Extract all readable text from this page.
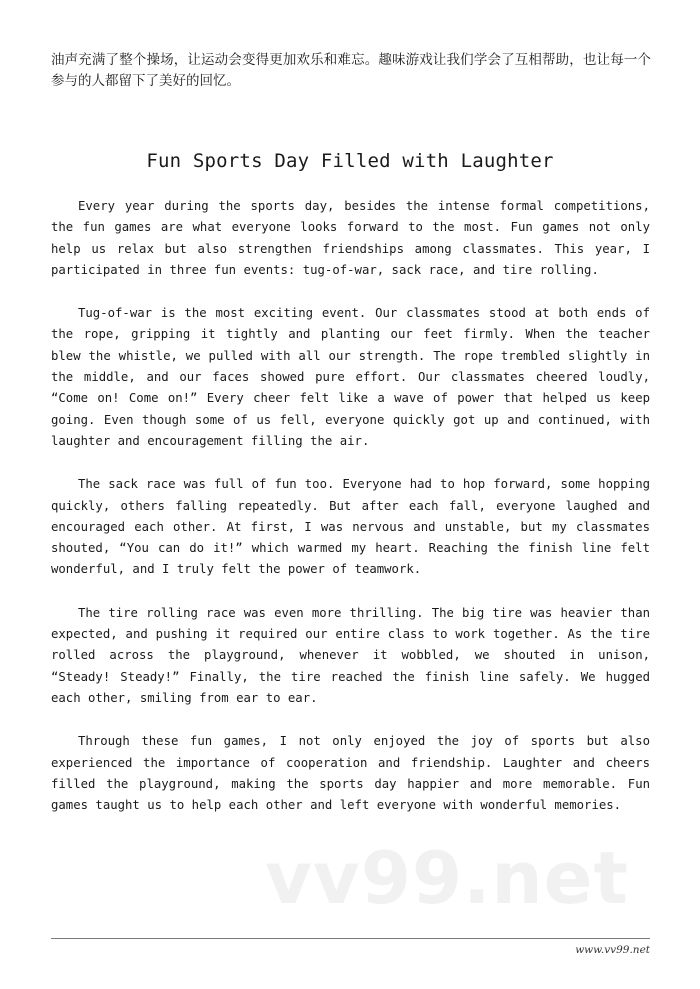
油声充满了整个操场，让运动会变得更加欢乐和难忘。趣味游戏让我们学会了互相帮助，也让每一个参与的人都留下了美好的回忆。

Fun Sports Day Filled with Laughter

Every year during the sports day, besides the intense formal competitions, the fun games are what everyone looks forward to the most. Fun games not only help us relax but also strengthen friendships among classmates. This year, I participated in three fun events: tug-of-war, sack race, and tire rolling.

Tug-of-war is the most exciting event. Our classmates stood at both ends of the rope, gripping it tightly and planting our feet firmly. When the teacher blew the whistle, we pulled with all our strength. The rope trembled slightly in the middle, and our faces showed pure effort. Our classmates cheered loudly, “Come on! Come on!” Every cheer felt like a wave of power that helped us keep going. Even though some of us fell, everyone quickly got up and continued, with laughter and encouragement filling the air.

The sack race was full of fun too. Everyone had to hop forward, some hopping quickly, others falling repeatedly. But after each fall, everyone laughed and encouraged each other. At first, I was nervous and unstable, but my classmates shouted, “You can do it!” which warmed my heart. Reaching the finish line felt wonderful, and I truly felt the power of teamwork.

The tire rolling race was even more thrilling. The big tire was heavier than expected, and pushing it required our entire class to work together. As the tire rolled across the playground, whenever it wobbled, we shouted in unison, “Steady! Steady!” Finally, the tire reached the finish line safely. We hugged each other, smiling from ear to ear.

Through these fun games, I not only enjoyed the joy of sports but also experienced the importance of cooperation and friendship. Laughter and cheers filled the playground, making the sports day happier and more memorable. Fun games taught us to help each other and left everyone with wonderful memories.

vv99.net
www.vv99.net
